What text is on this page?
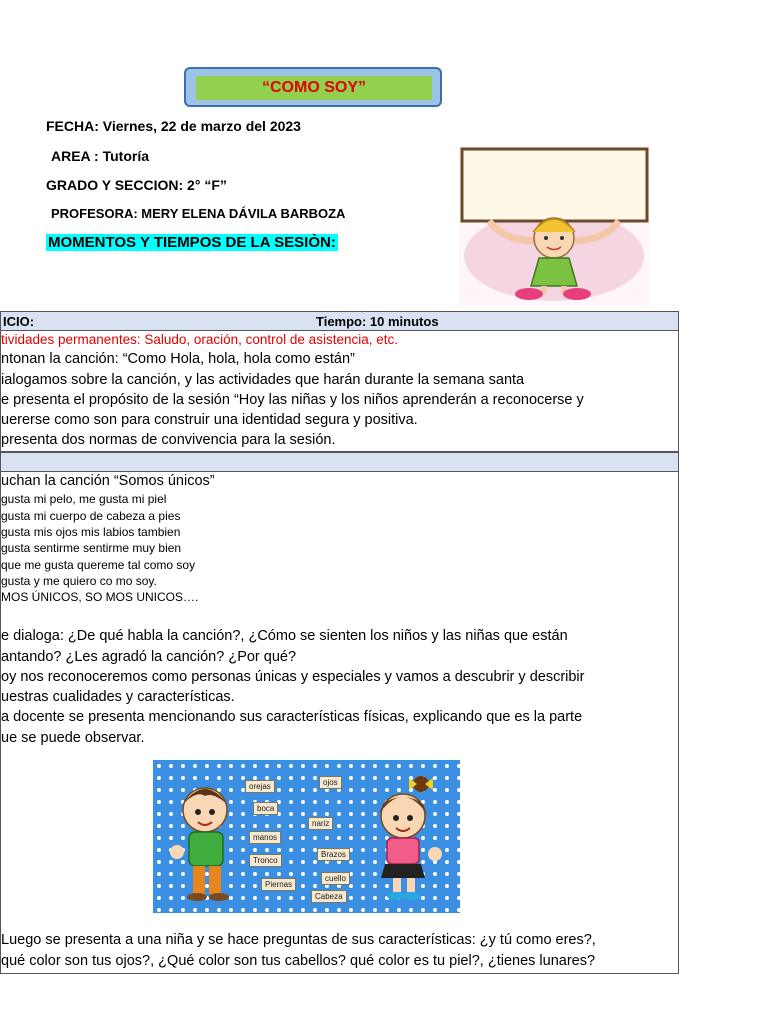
“COMO SOY”
FECHA: Viernes, 22 de marzo del 2023
AREA : Tutoría
GRADO Y SECCION: 2° “F”
PROFESORA: MERY ELENA DÁVILA BARBOZA
MOMENTOS Y TIEMPOS DE LA SESIÒN:
ICIO:	Tiempo: 10 minutos
tividades permanentes: Saludo, oración, control de asistencia, etc.
ntonan la canción: “Como Hola, hola, hola como están”
ialogamos sobre la canción, y las actividades que harán durante la semana santa
e presenta el propósito de la sesión “Hoy las niñas y los niños aprenderán a reconocerse y
uererse como son para construir una identidad segura y positiva.
presenta dos normas de convivencia para la sesión.
uchan la canción “Somos únicos”
gusta mi pelo, me gusta mi piel
gusta mi cuerpo de cabeza a pies
gusta mis ojos mis labios tambien
gusta sentirme sentirme muy bien
que me gusta quereme tal como soy
gusta y me quiero co mo soy.
MOS ÚNICOS, SO MOS UNICOS….
e dialoga: ¿De qué habla la canción?, ¿Cómo se sienten los niños y las niñas que están
antando? ¿Les agradó la canción? ¿Por qué?
oy nos reconoceremos como personas únicas y especiales y vamos a descubrir y describir
uestras cualidades y características.
a docente se presenta mencionando sus características físicas, explicando que es la parte
ue se puede observar.
Luego se presenta a una niña y se hace preguntas de sus características: ¿y tú como eres?,
qué color son tus ojos?, ¿Qué color son tus cabellos? qué color es tu piel?, ¿tienes lunares?
orejas	ojos
boca
nariz
manos
Brazos
Tronco
cuello
Piernas
Cabeza
